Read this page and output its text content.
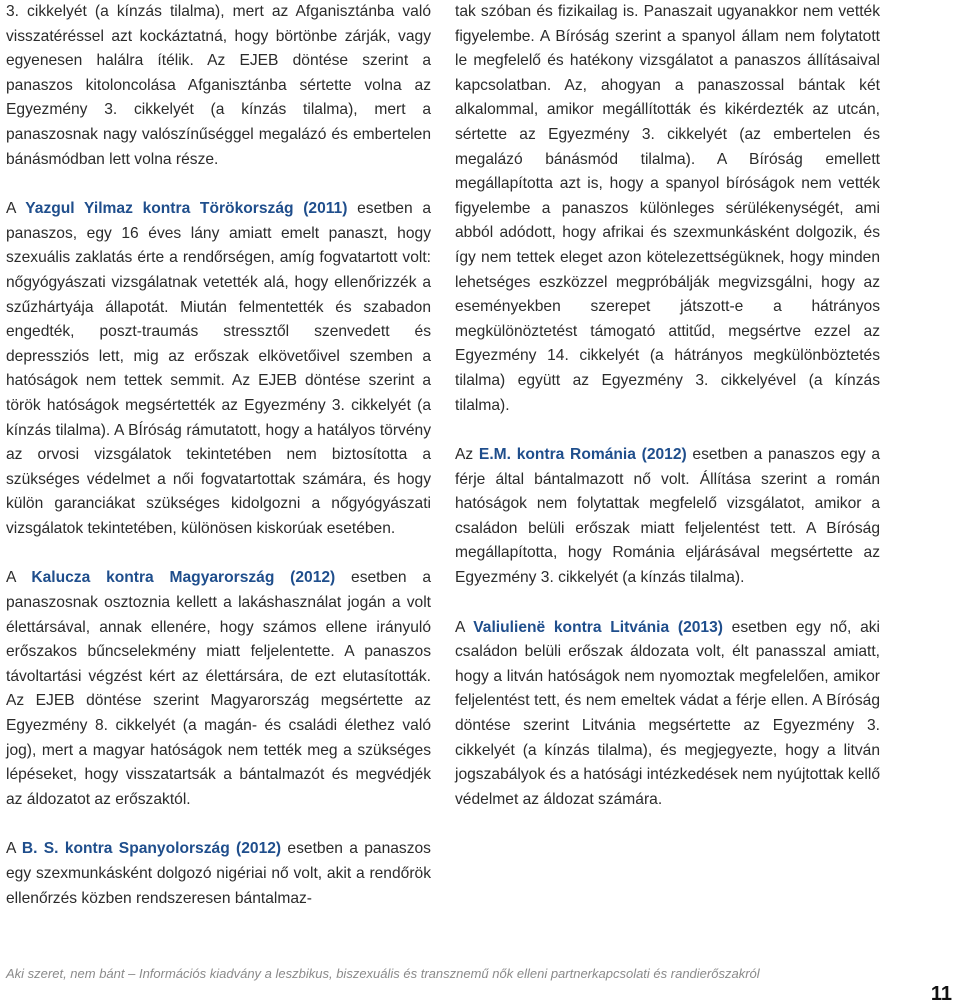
3. cikkelyét (a kínzás tilalma), mert az Afganisztánba való visszatéréssel azt kockáztatná, hogy börtönbe zárják, vagy egyenesen halálra ítélik. Az EJEB döntése szerint a panaszos kitoloncolása Afganisztánba sértette volna az Egyezmény 3. cikkelyét (a kínzás tilalma), mert a panaszosnak nagy valószínűséggel megalázó és embertelen bánásmódban lett volna része.

A Yazgul Yilmaz kontra Törökország (2011) esetben a panaszos, egy 16 éves lány amiatt emelt panaszt, hogy szexuális zaklatás érte a rendőrségen, amíg fogvatartott volt: nőgyógyászati vizsgálatnak vetették alá, hogy ellenőrizzék a szűzhártyája állapotát. Miután felmentették és szabadon engedték, poszt-traumás stressztől szenvedett és depressziós lett, mig az erőszak elkövetőivel szemben a hatóságok nem tettek semmit. Az EJEB döntése szerint a török hatóságok megsértették az Egyezmény 3. cikkelyét (a kínzás tilalma). A BÍróság rámutatott, hogy a hatályos törvény az orvosi vizsgálatok tekintetében nem biztosította a szükséges védelmet a női fogvatartottak számára, és hogy külön garanciákat szükséges kidolgozni a nőgyógyászati vizsgálatok tekintetében, különösen kiskorúak esetében.

A Kalucza kontra Magyarország (2012) esetben a panaszosnak osztoznia kellett a lakáshasználat jogán a volt élettársával, annak ellenére, hogy számos ellene irányuló erőszakos bűncselekmény miatt feljelentette. A panaszos távoltartási végzést kért az élettársára, de ezt elutasították. Az EJEB döntése szerint Magyarország megsértette az Egyezmény 8. cikkelyét (a magán- és családi élethez való jog), mert a magyar hatóságok nem tették meg a szükséges lépéseket, hogy visszatartsák a bántalmazót és megvédjék az áldozatot az erőszaktól.

A B. S. kontra Spanyolország (2012) esetben a panaszos egy szexmunkásként dolgozó nigériai nő volt, akit a rendőrök ellenőrzés közben rendszeresen bántalmaz-

tak szóban és fizikailag is. Panaszait ugyanakkor nem vették figyelembe. A Bíróság szerint a spanyol állam nem folytatott le megfelelő és hatékony vizsgálatot a panaszos állításaival kapcsolatban. Az, ahogyan a panaszossal bántak két alkalommal, amikor megállították és kikérdezték az utcán, sértette az Egyezmény 3. cikkelyét (az embertelen és megalázó bánásmód tilalma). A Bíróság emellett megállapította azt is, hogy a spanyol bíróságok nem vették figyelembe a panaszos különleges sérülékenységét, ami abból adódott, hogy afrikai és szexmunkásként dolgozik, és így nem tettek eleget azon kötelezettségüknek, hogy minden lehetséges eszközzel megpróbálják megvizsgálni, hogy az eseményekben szerepet játszott-e a hátrányos megkülönöztetést támogató attitűd, megsértve ezzel az Egyezmény 14. cikkelyét (a hátrányos megkülönböztetés tilalma) együtt az Egyezmény 3. cikkelyével (a kínzás tilalma).

Az E.M. kontra Románia (2012) esetben a panaszos egy a férje által bántalmazott nő volt. Állítása szerint a román hatóságok nem folytattak megfelelő vizsgálatot, amikor a családon belüli erőszak miatt feljelentést tett. A Bíróság megállapította, hogy Románia eljárásával megsértette az Egyezmény 3. cikkelyét (a kínzás tilalma).

A Valiulienë kontra Litvánia (2013) esetben egy nő, aki családon belüli erőszak áldozata volt, élt panasszal amiatt, hogy a litván hatóságok nem nyomoztak megfelelően, amikor feljelentést tett, és nem emeltek vádat a férje ellen. A Bíróság döntése szerint Litvánia megsértette az Egyezmény 3. cikkelyét (a kínzás tilalma), és megjegyezte, hogy a litván jogszabályok és a hatósági intézkedések nem nyújtottak kellő védelmet az áldozat számára.

Aki szeret, nem bánt – Információs kiadvány a leszbikus, biszexuális és transznemű nők elleni partnerkapcsolati és randierőszakról
11
